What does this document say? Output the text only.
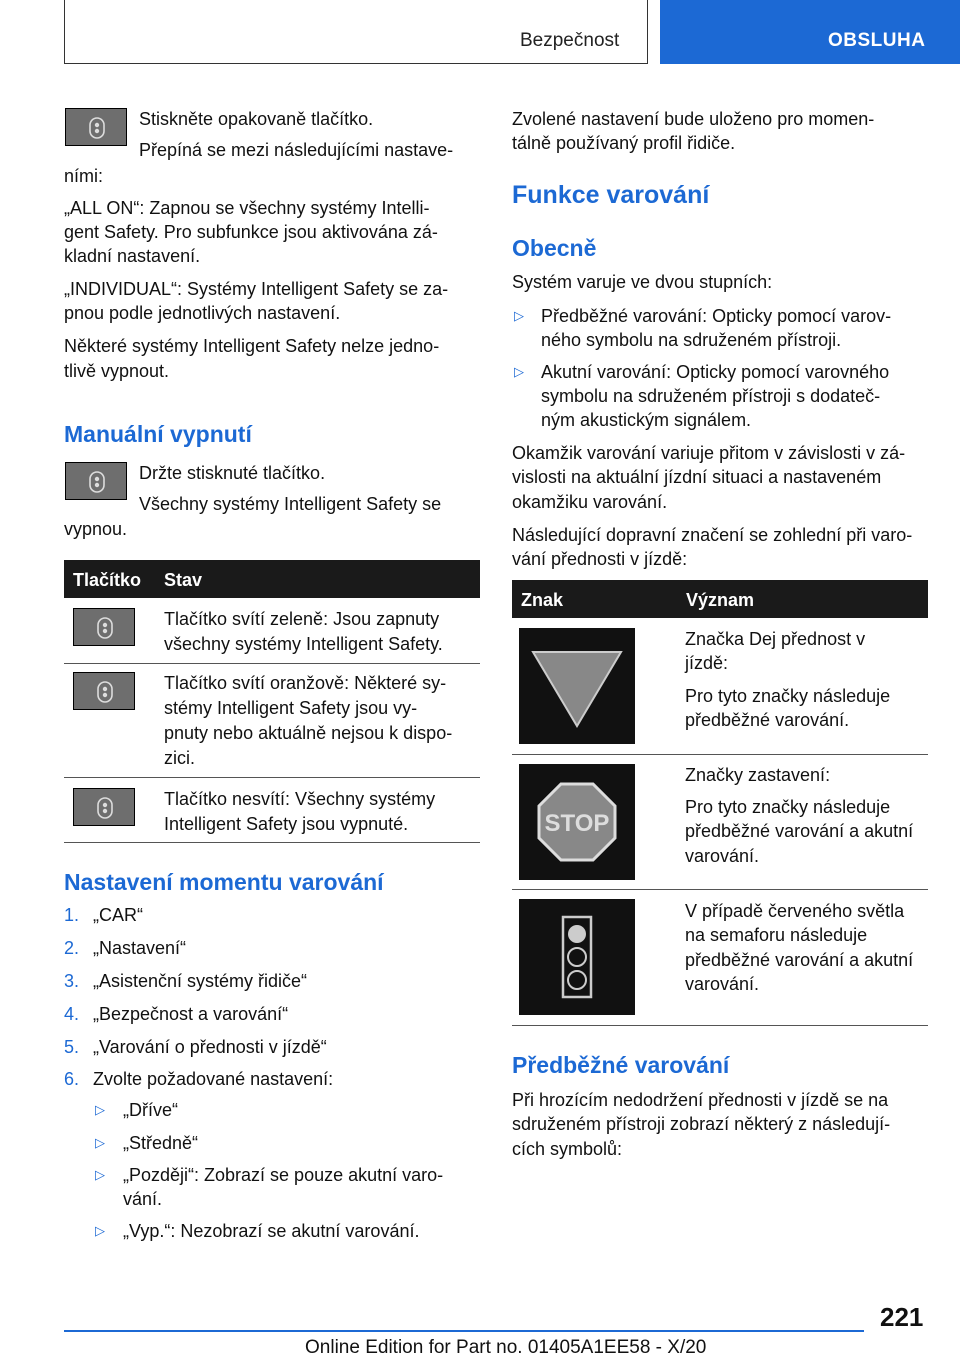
Bezpečnost	OBSLUHA
Stiskněte opakovaně tlačítko.
Přepíná se mezi následujícími nastave-
ními:
„ALL ON“: Zapnou se všechny systémy Intelli-
gent Safety. Pro subfunkce jsou aktivována zá-
kladní nastavení.
„INDIVIDUAL“: Systémy Intelligent Safety se za-
pnou podle jednotlivých nastavení.
Některé systémy Intelligent Safety nelze jedno-
tlivě vypnout.
Manuální vypnutí
Držte stisknuté tlačítko.
Všechny systémy Intelligent Safety se
vypnou.
Tlačítko Stav
Tlačítko svítí zeleně: Jsou zapnuty
všechny systémy Intelligent Safety.
Tlačítko svítí oranžově: Některé sy-
stémy Intelligent Safety jsou vy-
pnuty nebo aktuálně nejsou k dispo-
zici.
Tlačítko nesvítí: Všechny systémy
Intelligent Safety jsou vypnuté.
Nastavení momentu varování
1. „CAR“
2. „Nastavení“
3. „Asistenční systémy řidiče“
4. „Bezpečnost a varování“
5. „Varování o přednosti v jízdě“
6. Zvolte požadované nastavení:
▷ „Dříve“
▷ „Středně“
▷ „Později“: Zobrazí se pouze akutní varo-
vání.
▷ „Vyp.“: Nezobrazí se akutní varování.
Zvolené nastavení bude uloženo pro momen-
tálně používaný profil řidiče.
Funkce varování
Obecně
Systém varuje ve dvou stupních:
▷ Předběžné varování: Opticky pomocí varov-
ného symbolu na sdruženém přístroji.
▷ Akutní varování: Opticky pomocí varovného
symbolu na sdruženém přístroji s dodateč-
ným akustickým signálem.
Okamžik varování variuje přitom v závislosti v zá-
vislosti na aktuální jízdní situaci a nastaveném
okamžiku varování.
Následující dopravní značení se zohlední při varo-
vání přednosti v jízdě:
Znak	Význam
Značka Dej přednost v
jízdě:
Pro tyto značky následuje
předběžné varování.
STOP
Značky zastavení:
Pro tyto značky následuje
předběžné varování a akutní
varování.
V případě červeného světla
na semaforu následuje
předběžné varování a akutní
varování.
Předběžné varování
Při hrozícím nedodržení přednosti v jízdě se na
sdruženém přístroji zobrazí některý z následují-
cích symbolů:
221
Online Edition for Part no. 01405A1EE58 - X/20
